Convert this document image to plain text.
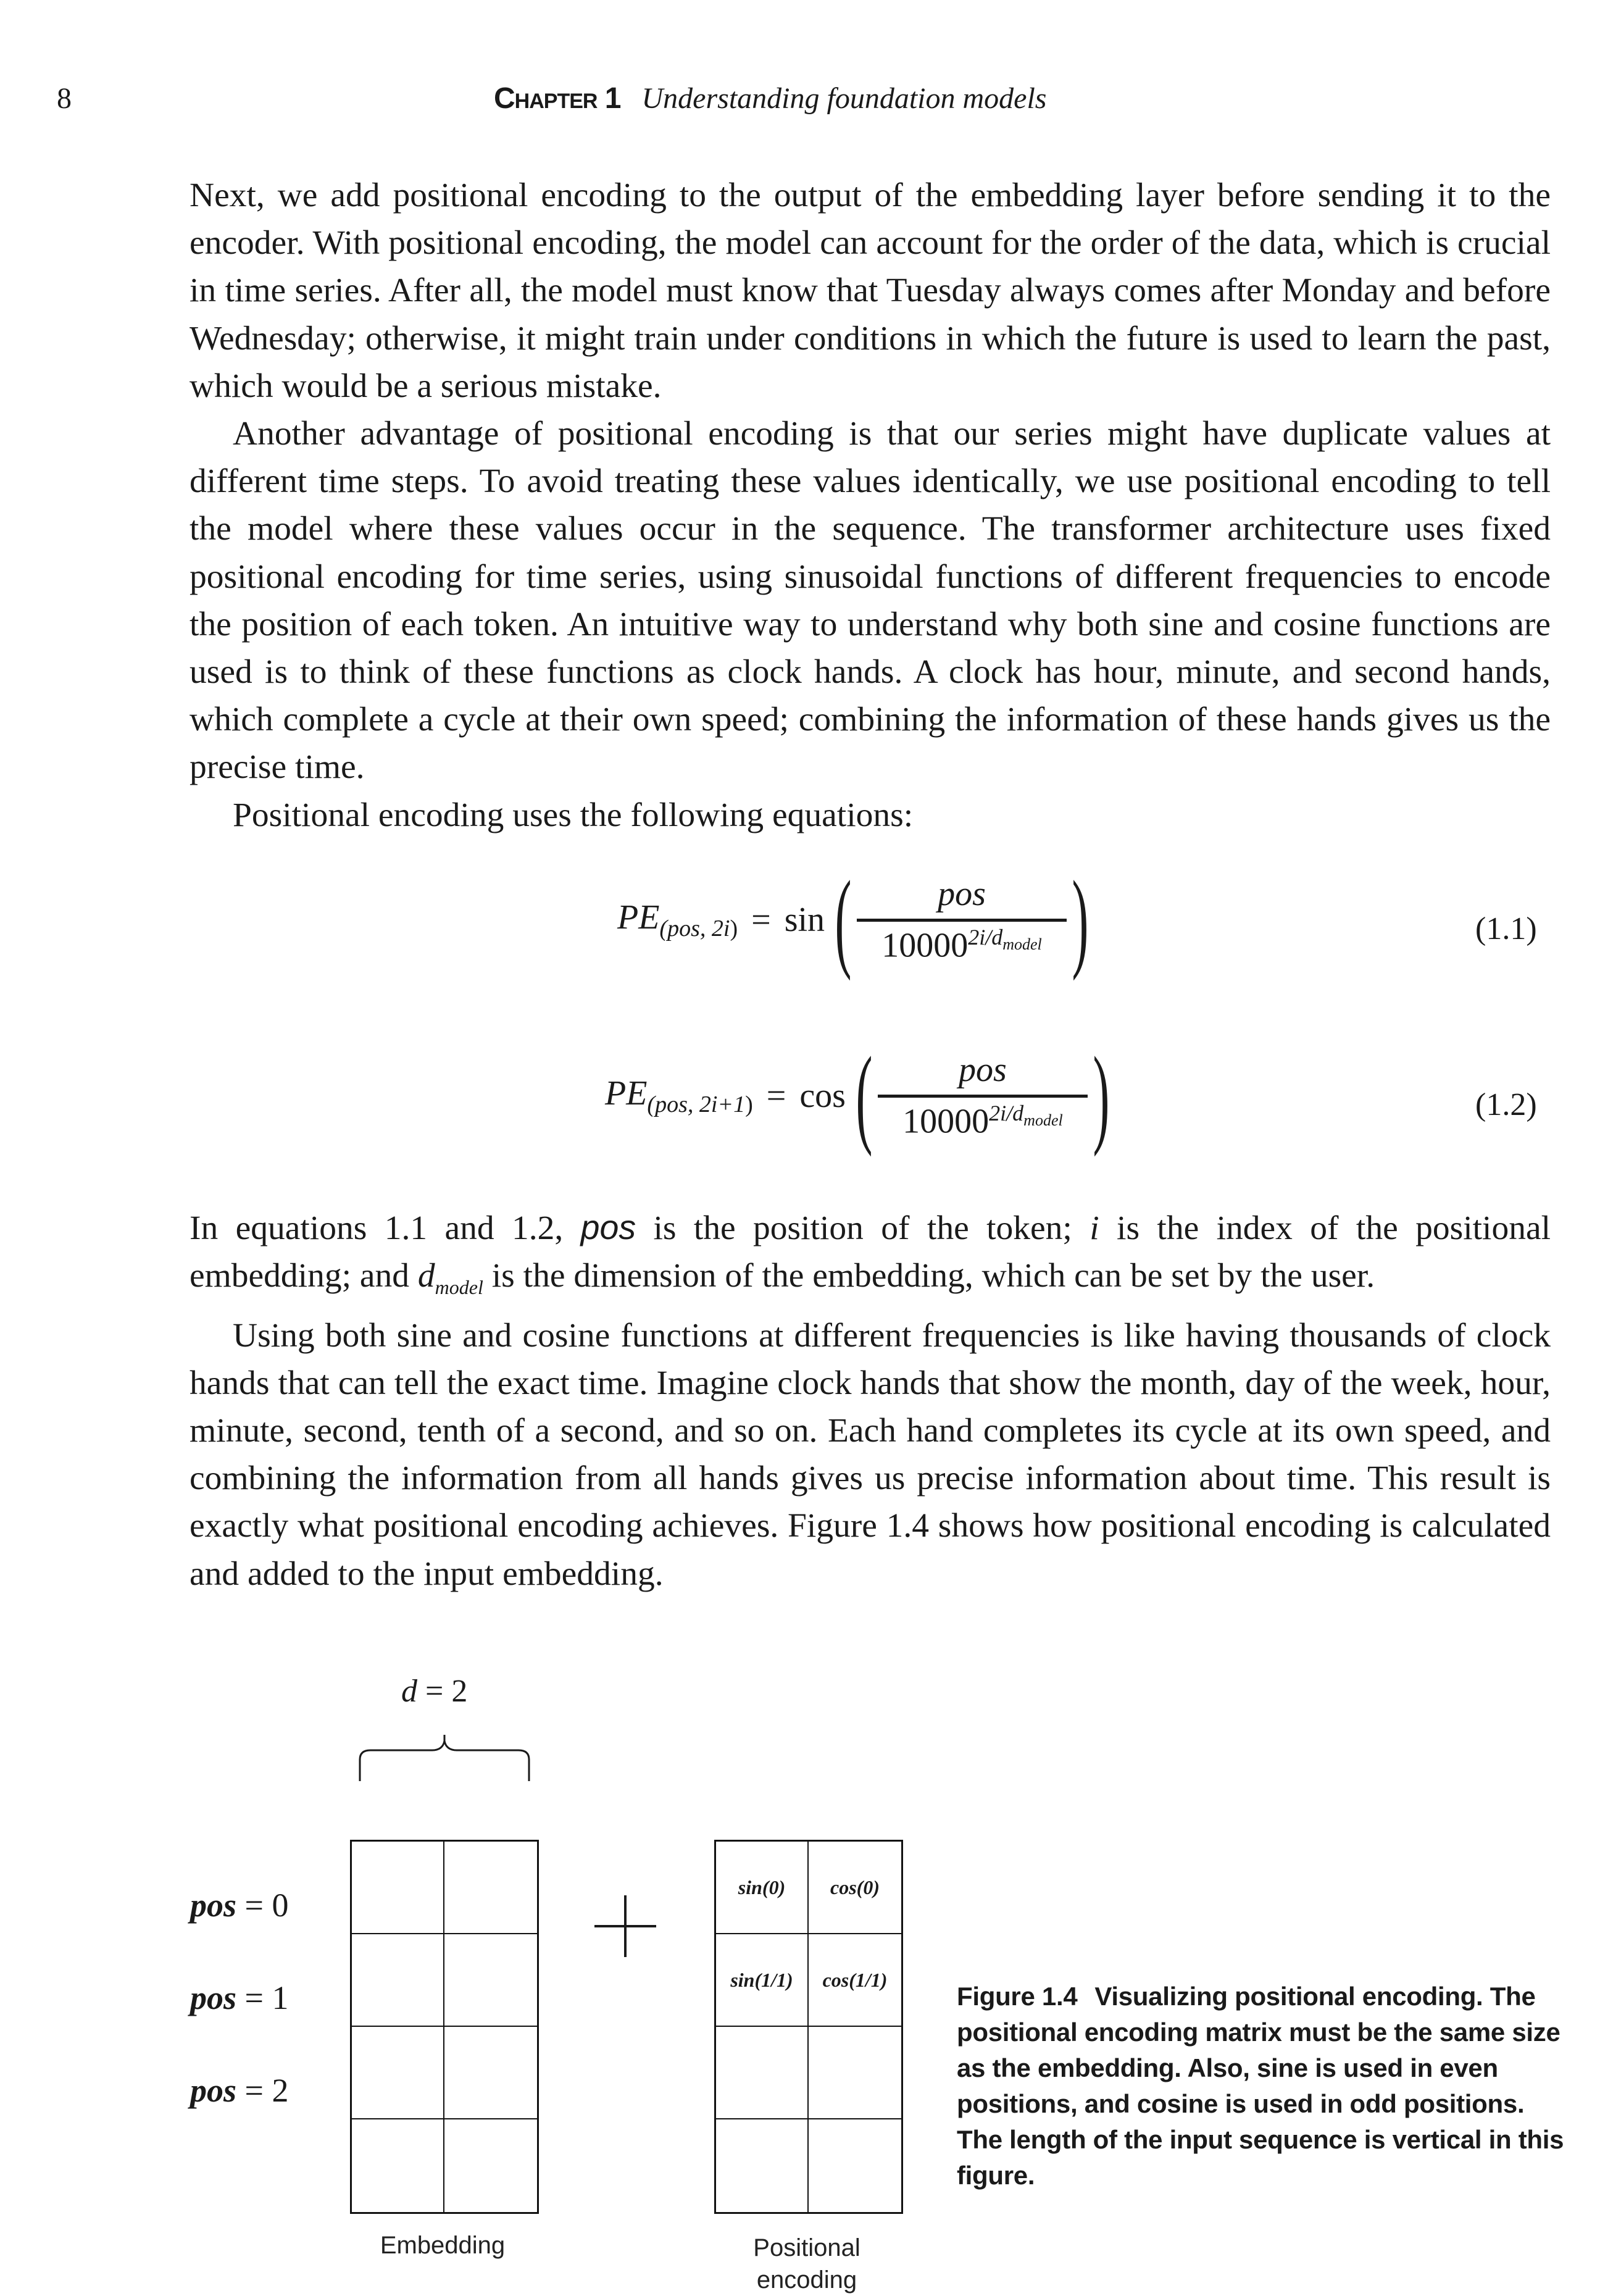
8	Chapter 1 Understanding foundation models

Next, we add positional encoding to the output of the embedding layer before sending it to the encoder. With positional encoding, the model can account for the order of the data, which is crucial in time series. After all, the model must know that Tuesday always comes after Monday and before Wednesday; otherwise, it might train under conditions in which the future is used to learn the past, which would be a serious mistake.

Another advantage of positional encoding is that our series might have duplicate values at different time steps. To avoid treating these values identically, we use positional encoding to tell the model where these values occur in the sequence. The transformer architecture uses fixed positional encoding for time series, using sinusoidal functions of different frequencies to encode the position of each token. An intuitive way to understand why both sine and cosine functions are used is to think of these functions as clock hands. A clock has hour, minute, and second hands, which complete a cycle at their own speed; combining the information of these hands gives us the precise time.

Positional encoding uses the following equations:

$PE_{(pos, 2i)} = \sin$ ( pos
$10000^{2i/d_{model}}$ )	(1.1)
$PE_{(pos, 2i+1)} = \cos$ ( pos
$10000^{2i/d_{model}}$ )	(1.2)

In equations 1.1 and 1.2, pos is the position of the token; i is the index of the positional embedding; and $d_{model}$ is the dimension of the embedding, which can be set by the user.

Using both sine and cosine functions at different frequencies is like having thousands of clock hands that can tell the exact time. Imagine clock hands that show the month, day of the week, hour, minute, second, tenth of a second, and so on. Each hand completes its cycle at its own speed, and combining the information from all hands gives us precise information about time. This result is exactly what positional encoding achieves. Figure 1.4 shows how positional encoding is calculated and added to the input embedding.

d = 2
pos = 0
pos = 1
pos = 2
sin(0)	cos(0)
sin(1/1)	cos(1/1)
Embedding	Positional
encoding
Figure 1.4 Visualizing positional encoding. The positional encoding matrix must be the same size as the embedding. Also, sine is used in even positions, and cosine is used in odd positions. The length of the input sequence is vertical in this figure.
